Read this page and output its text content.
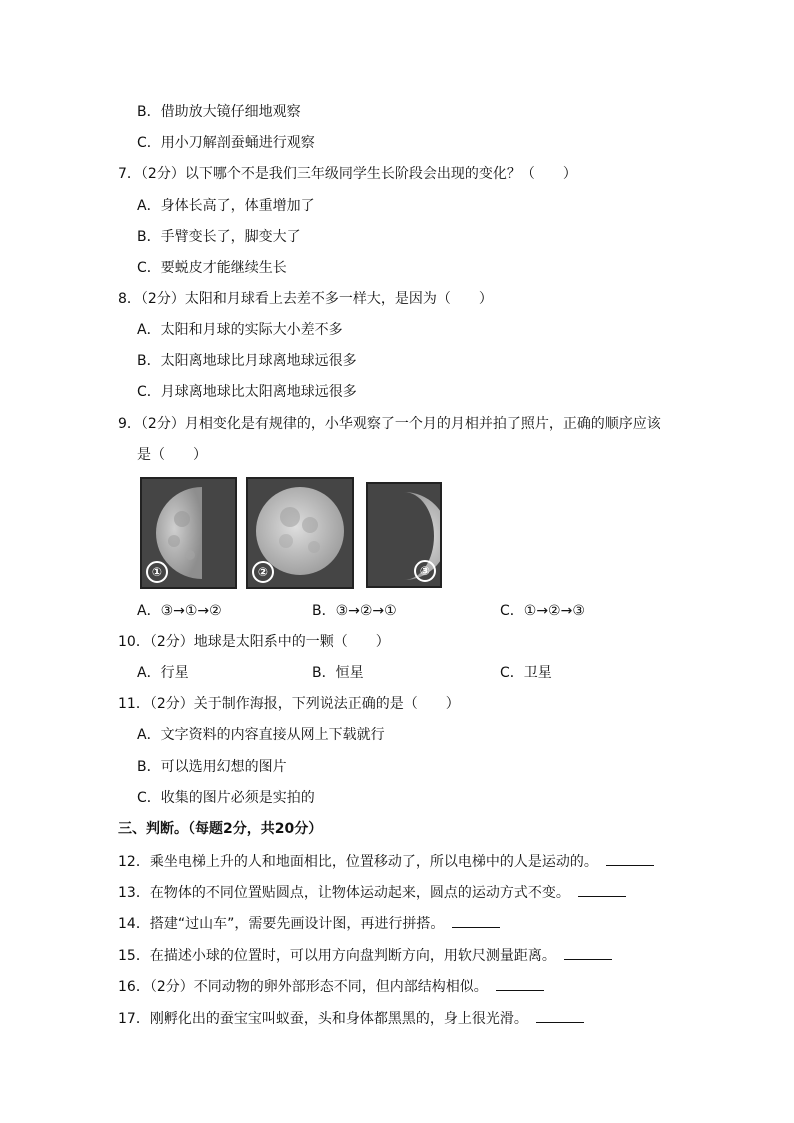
B．借助放大镜仔细地观察
C．用小刀解剖蚕蛹进行观察
7．（2分）以下哪个不是我们三年级同学生长阶段会出现的变化？（　　）
A．身体长高了，体重增加了
B．手臂变长了，脚变大了
C．要蜕皮才能继续生长
8．（2分）太阳和月球看上去差不多一样大，是因为（　　）
A．太阳和月球的实际大小差不多
B．太阳离地球比月球离地球远很多
C．月球离地球比太阳离地球远很多
9．（2分）月相变化是有规律的，小华观察了一个月的月相并拍了照片，正确的顺序应该
是（　　）
①	②	③
A．③→①→②	B．③→②→①	C．①→②→③
10．（2分）地球是太阳系中的一颗（　　）
A．行星	B．恒星	C．卫星
11．（2分）关于制作海报，下列说法正确的是（　　）
A．文字资料的内容直接从网上下载就行
B．可以选用幻想的图片
C．收集的图片必须是实拍的
三、判断。（每题2分，共20分）
12．乘坐电梯上升的人和地面相比，位置移动了，所以电梯中的人是运动的。
13．在物体的不同位置贴圆点，让物体运动起来，圆点的运动方式不变。
14．搭建“过山车”，需要先画设计图，再进行拼搭。
15．在描述小球的位置时，可以用方向盘判断方向，用软尺测量距离。
16．（2分）不同动物的卵外部形态不同，但内部结构相似。
17．刚孵化出的蚕宝宝叫蚁蚕，头和身体都黑黑的，身上很光滑。
